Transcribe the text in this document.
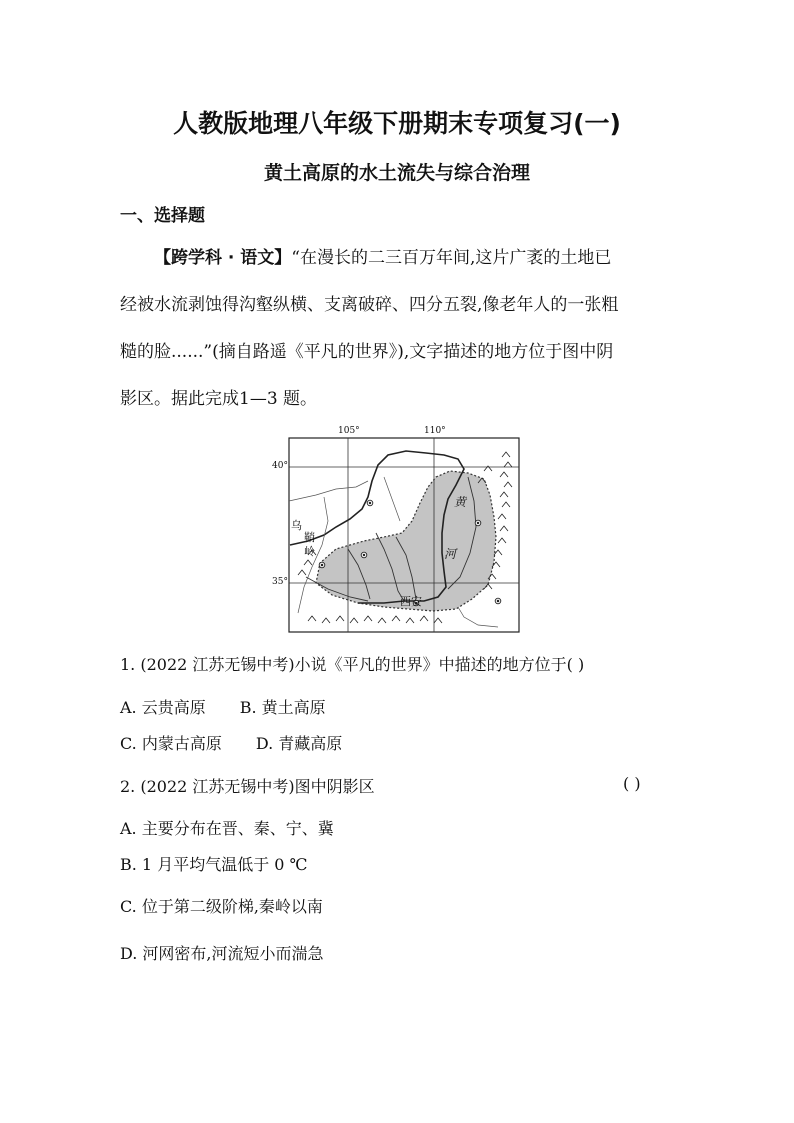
人教版地理八年级下册期末专项复习(一)
黄土高原的水土流失与综合治理
一、选择题
【跨学科 · 语文】“在漫长的二三百万年间,这片广袤的土地已
经被水流剥蚀得沟壑纵横、支离破碎、四分五裂,像老年人的一张粗
糙的脸......”(摘自路遥《平凡的世界》),文字描述的地方位于图中阴
影区。据此完成1—3 题。
105°	110°
40°
35°
乌
鞘
岭
黄
河
西安
1. (2022 江苏无锡中考)小说《平凡的世界》中描述的地方位于( )
A. 云贵高原 B. 黄土高原
C. 内蒙古高原 D. 青藏高原
2. (2022 江苏无锡中考)图中阴影区	( )
A. 主要分布在晋、秦、宁、冀
B. 1 月平均气温低于 0 ℃
C. 位于第二级阶梯,秦岭以南
D. 河网密布,河流短小而湍急
